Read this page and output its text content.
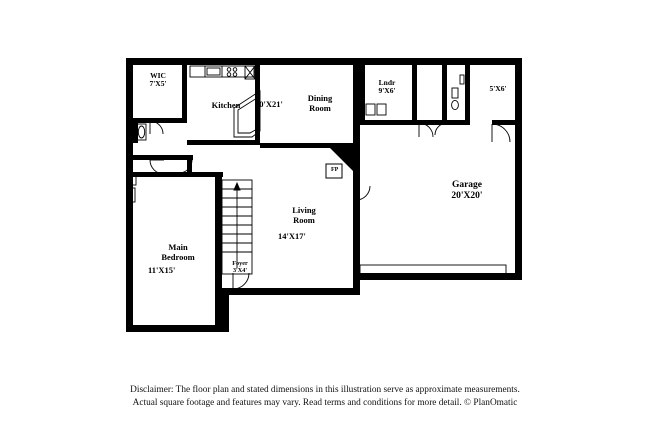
WIC
7'X5'
Kitchen
Dining
Room
Lndr
9'X6'	5'X6'
Garage
20'X20'
Living
Room
Main
Bedroom
Foyer
3'X4'
14'X17'
11'X15'
10'X21'
FP
Disclaimer: The floor plan and stated dimensions in this illustration serve as approximate measurements.
Actual square footage and features may vary. Read terms and conditions for more detail. © PlanOmatic
